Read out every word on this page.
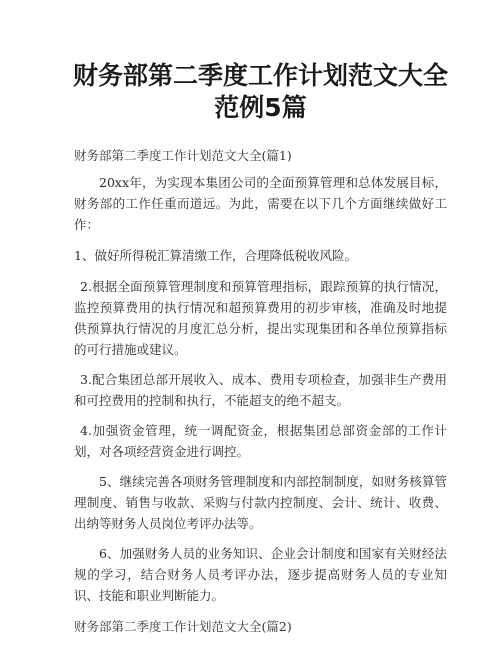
财务部第二季度工作计划范文大全范例5篇

财务部第二季度工作计划范文大全(篇1)

20xx年，为实现本集团公司的全面预算管理和总体发展目标，财务部的工作任重而道远。为此，需要在以下几个方面继续做好工作：

1、做好所得税汇算清缴工作，合理降低税收风险。

2.根据全面预算管理制度和预算管理指标，跟踪预算的执行情况，监控预算费用的执行情况和超预算费用的初步审核，准确及时地提供预算执行情况的月度汇总分析，提出实现集团和各单位预算指标的可行措施或建议。

3.配合集团总部开展收入、成本、费用专项检查，加强非生产费用和可控费用的控制和执行，不能超支的绝不超支。

4.加强资金管理，统一调配资金，根据集团总部资金部的工作计划，对各项经营资金进行调控。

5、继续完善各项财务管理制度和内部控制制度，如财务核算管理制度、销售与收款、采购与付款内控制度、会计、统计、收费、出纳等财务人员岗位考评办法等。

6、加强财务人员的业务知识、企业会计制度和国家有关财经法规的学习，结合财务人员考评办法，逐步提高财务人员的专业知识、技能和职业判断能力。

财务部第二季度工作计划范文大全(篇2)
